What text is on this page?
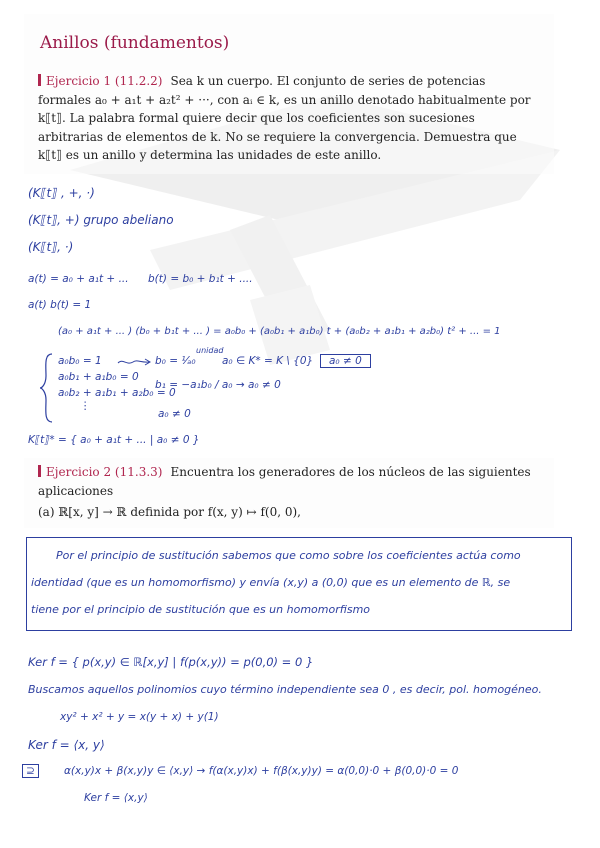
Anillos (fundamentos)
Ejercicio 1 (11.2.2) Sea k un cuerpo. El conjunto de series de potencias formales a₀ + a₁t + a₂t² + ···, con aᵢ ∈ k, es un anillo denotado habitualmente por k⟦t⟧. La palabra formal quiere decir que los coeficientes son sucesiones arbitrarias de elementos de k. No se requiere la convergencia. Demuestra que k⟦t⟧ es un anillo y determina las unidades de este anillo.
(K⟦t⟧ , +, ·)
(K⟦t⟧, +) grupo abeliano
(K⟦t⟧, ·)
a(t) = a₀ + a₁t + ... b(t) = b₀ + b₁t + ....
a(t) b(t) = 1
(a₀ + a₁t + ... ) (b₀ + b₁t + ... ) = a₀b₀ + (a₀b₁ + a₁b₀) t + (a₀b₂ + a₁b₁ + a₂b₀) t² + ... = 1
a₀b₀ = 1
a₀b₁ + a₁b₀ = 0
a₀b₂ + a₁b₁ + a₂b₀ = 0
⋮
b₀ = ¹⁄ₐ₀
unidad
a₀ ∈ K* = K \ {0}	a₀ ≠ 0
b₁ = −a₁b₀ / a₀ → a₀ ≠ 0
a₀ ≠ 0
K⟦t⟧* = { a₀ + a₁t + ... | a₀ ≠ 0 }
Ejercicio 2 (11.3.3) Encuentra los generadores de los núcleos de las siguientes aplicaciones
(a) ℝ[x, y] → ℝ definida por f(x, y) ↦ f(0, 0),
Por el principio de sustitución sabemos que como sobre los coeficientes actúa como
identidad (que es un homomorfismo) y envía (x,y) a (0,0) que es un elemento de ℝ, se
tiene por el principio de sustitución que es un homomorfismo
Ker f = { p(x,y) ∈ ℝ[x,y] | f(p(x,y)) = p(0,0) = 0 }
Buscamos aquellos polinomios cuyo término independiente sea 0 , es decir, pol. homogéneo.
xy² + x² + y = x(y + x) + y(1)
Ker f = ⟨x, y⟩
⊇	α(x,y)x + β(x,y)y ∈ ⟨x,y⟩ → f(α(x,y)x) + f(β(x,y)y) = α(0,0)·0 + β(0,0)·0 = 0
Ker f = ⟨x,y⟩
